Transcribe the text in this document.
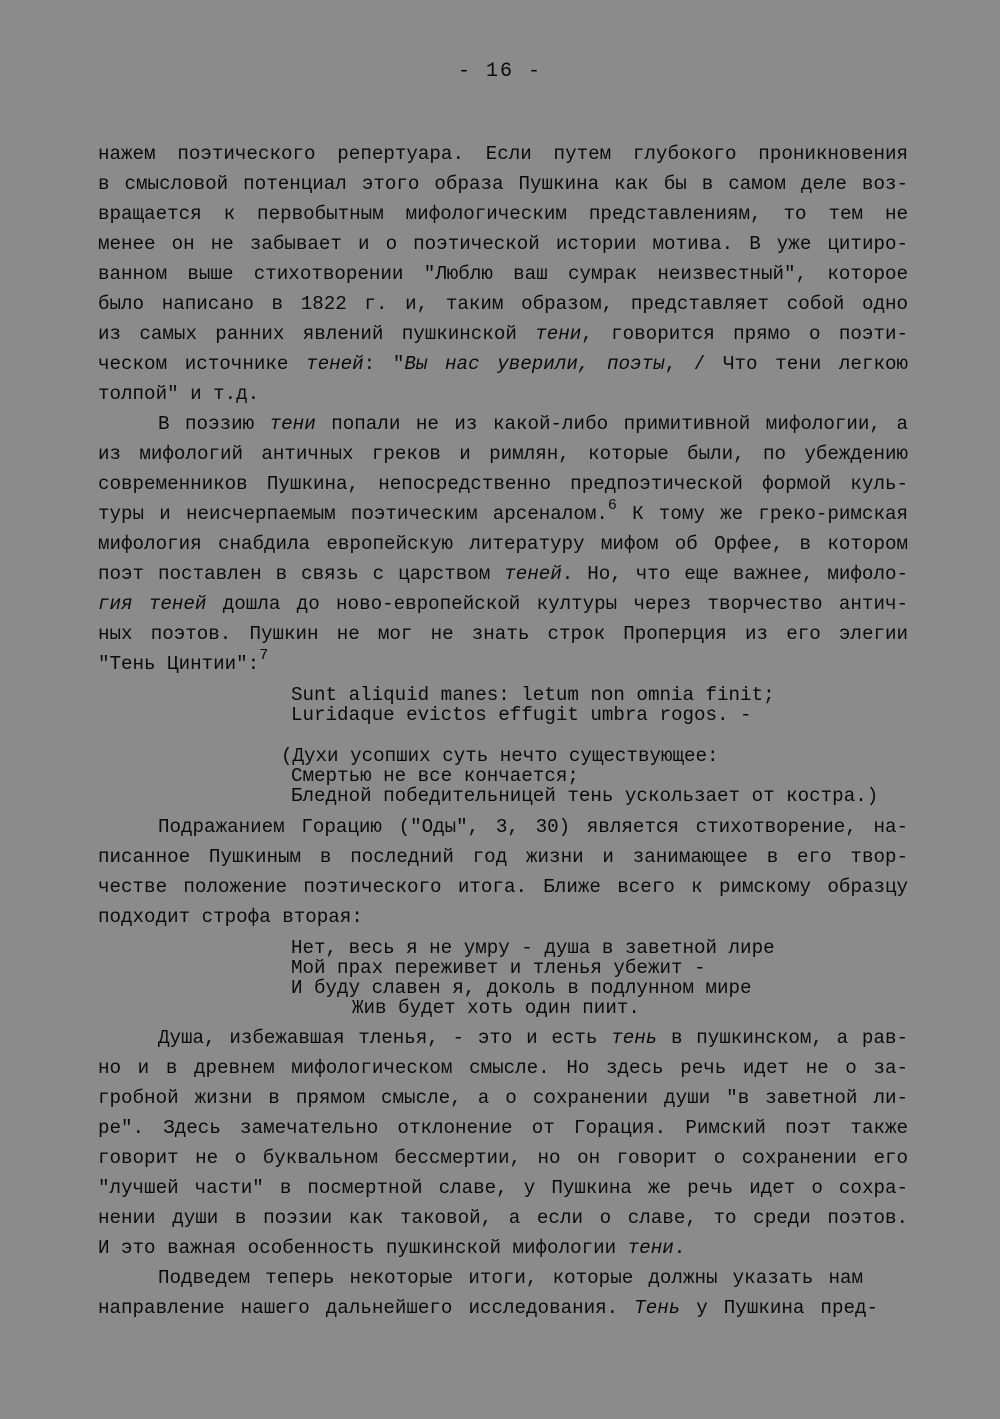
- 16 -
нажем поэтического репертуара. Если путем глубокого проникновения
в смысловой потенциал этого образа Пушкина как бы в самом деле воз-
вращается к первобытным мифологическим представлениям, то тем не
менее он не забывает и о поэтической истории мотива. В уже цитиро-
ванном выше стихотворении "Люблю ваш сумрак неизвестный", которое
было написано в 1822 г. и, таким образом, представляет собой одно
из самых ранних явлений пушкинской тени, говорится прямо о поэти-
ческом источнике теней: "Вы нас уверили, поэты, / Что тени легкою
толпой" и т.д.
В поэзию тени попали не из какой-либо примитивной мифологии, а
из мифологий античных греков и римлян, которые были, по убеждению
современников Пушкина, непосредственно предпоэтической формой куль-
туры и неисчерпаемым поэтическим арсеналом.$^6$ К тому же греко-римская
мифология снабдила европейскую литературу мифом об Орфее, в котором
поэт поставлен в связь с царством теней. Но, что еще важнее, мифоло-
гия теней дошла до ново-европейской културы через творчество антич-
ных поэтов. Пушкин не мог не знать строк Проперция из его элегии
"Тень Цинтии":$^7$
Sunt aliquid manes: letum non omnia finit;
Luridaque evictos effugit umbra rogos. -
(Духи усопших суть нечто существующее:
Смертью не все кончается;
Бледной победительницей тень ускользает от костра.)
Подражанием Горацию ("Оды", 3, 30) является стихотворение, на-
писанное Пушкиным в последний год жизни и занимающее в его твор-
честве положение поэтического итога. Ближе всего к римскому образцу
подходит строфа вторая:
Нет, весь я не умру - душа в заветной лире
Мой прах переживет и тленья убежит -
И буду славен я, доколь в подлунном мире
Жив будет хоть один пиит.
Душа, избежавшая тленья, - это и есть тень в пушкинском, а рав-
но и в древнем мифологическом смысле. Но здесь речь идет не о за-
гробной жизни в прямом смысле, а о сохранении души "в заветной ли-
ре". Здесь замечательно отклонение от Горация. Римский поэт также
говорит не о буквальном бессмертии, но он говорит о сохранении его
"лучшей части" в посмертной славе, у Пушкина же речь идет о сохра-
нении души в поэзии как таковой, а если о славе, то среди поэтов.
И это важная особенность пушкинской мифологии тени.
Подведем теперь некоторые итоги, которые должны указать нам
направление нашего дальнейшего исследования. Тень у Пушкина пред-
